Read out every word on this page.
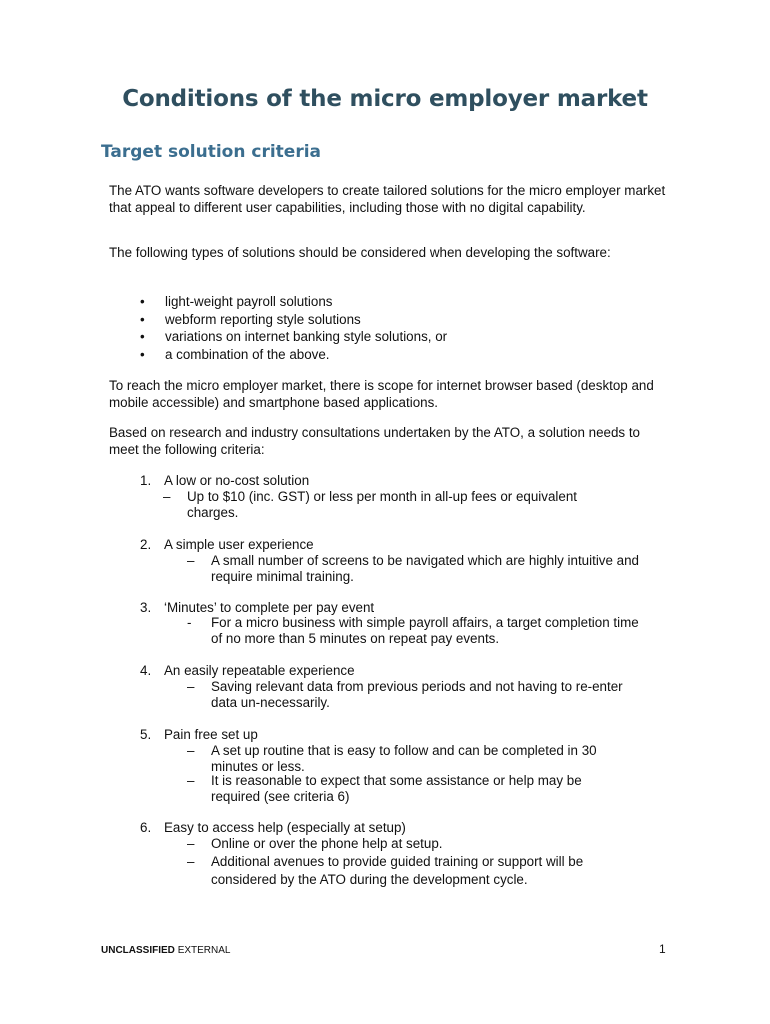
Conditions of the micro employer market
Target solution criteria

The ATO wants software developers to create tailored solutions for the micro employer market that appeal to different user capabilities, including those with no digital capability.

The following types of solutions should be considered when developing the software:

• light-weight payroll solutions
• webform reporting style solutions
• variations on internet banking style solutions, or
• a combination of the above.

To reach the micro employer market, there is scope for internet browser based (desktop and mobile accessible) and smartphone based applications.

Based on research and industry consultations undertaken by the ATO, a solution needs to meet the following criteria:

1. A low or no-cost solution
– Up to $10 (inc. GST) or less per month in all-up fees or equivalent charges.
2. A simple user experience
– A small number of screens to be navigated which are highly intuitive and require minimal training.
3. ‘Minutes’ to complete per pay event
- For a micro business with simple payroll affairs, a target completion time of no more than 5 minutes on repeat pay events.
4. An easily repeatable experience
– Saving relevant data from previous periods and not having to re-enter data un-necessarily.
5. Pain free set up
– A set up routine that is easy to follow and can be completed in 30 minutes or less.
– It is reasonable to expect that some assistance or help may be required (see criteria 6)
6. Easy to access help (especially at setup)
– Online or over the phone help at setup.
– Additional avenues to provide guided training or support will be considered by the ATO during the development cycle.
UNCLASSIFIED EXTERNAL	1
